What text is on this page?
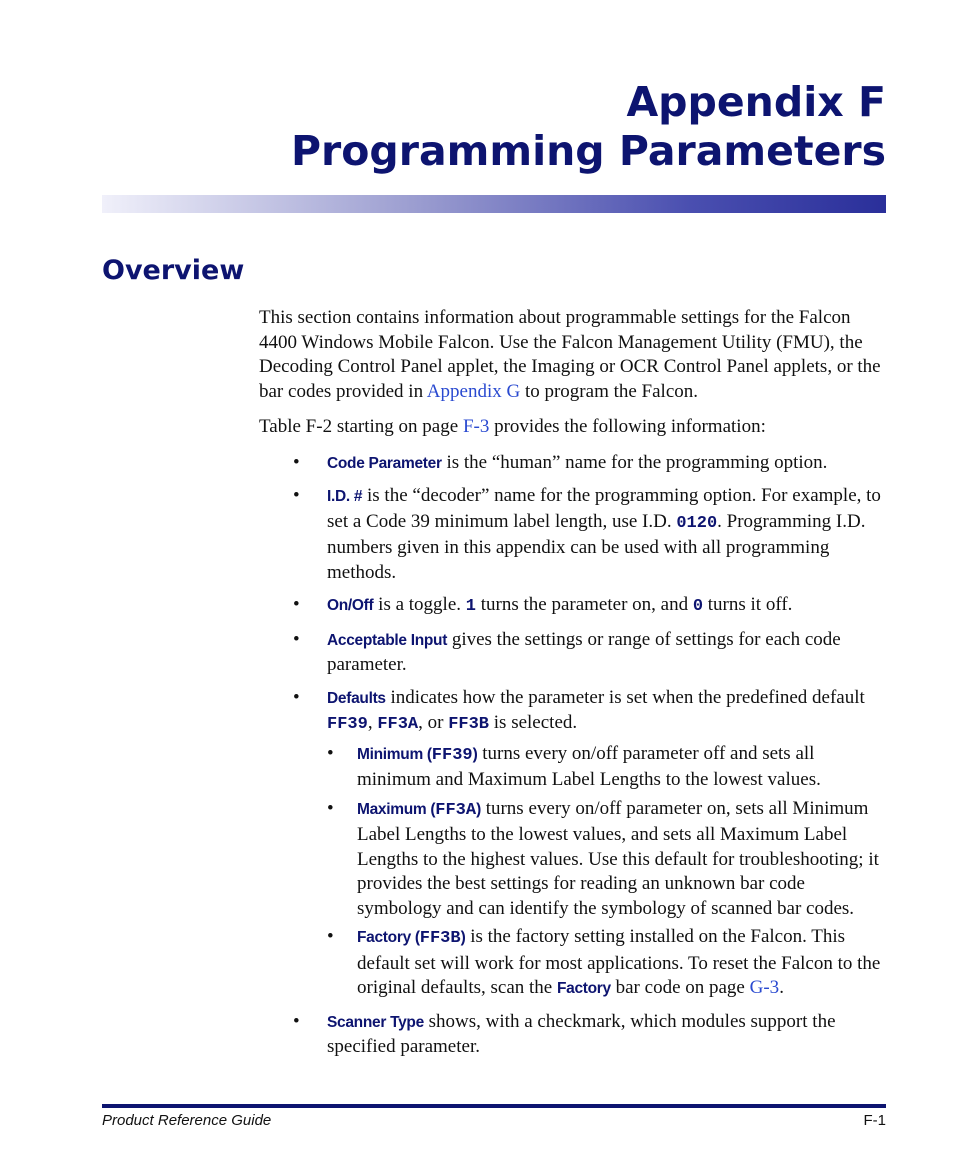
Appendix F
Programming Parameters
Overview

This section contains information about programmable settings for the Falcon 4400 Windows Mobile Falcon. Use the Falcon Management Utility (FMU), the Decoding Control Panel applet, the Imaging or OCR Control Panel applets, or the bar codes provided in Appendix G to program the Falcon.

Table F-2 starting on page F-3 provides the following information:

• Code Parameter is the “human” name for the programming option.
• I.D. # is the “decoder” name for the programming option. For example, to set a Code 39 minimum label length, use I.D. 0120. Programming I.D. numbers given in this appendix can be used with all programming methods.
• On/Off is a toggle. 1 turns the parameter on, and 0 turns it off.
• Acceptable Input gives the settings or range of settings for each code parameter.
• Defaults indicates how the parameter is set when the predefined default FF39, FF3A, or FF3B is selected.
• Minimum (FF39) turns every on/off parameter off and sets all minimum and Maximum Label Lengths to the lowest values.
• Maximum (FF3A) turns every on/off parameter on, sets all Minimum Label Lengths to the lowest values, and sets all Maximum Label Lengths to the highest values. Use this default for troubleshooting; it provides the best settings for reading an unknown bar code symbology and can identify the symbology of scanned bar codes.
• Factory (FF3B) is the factory setting installed on the Falcon. This default set will work for most applications. To reset the Falcon to the original defaults, scan the Factory bar code on page G-3.
• Scanner Type shows, with a checkmark, which modules support the specified parameter.
Product Reference Guide	F-1
